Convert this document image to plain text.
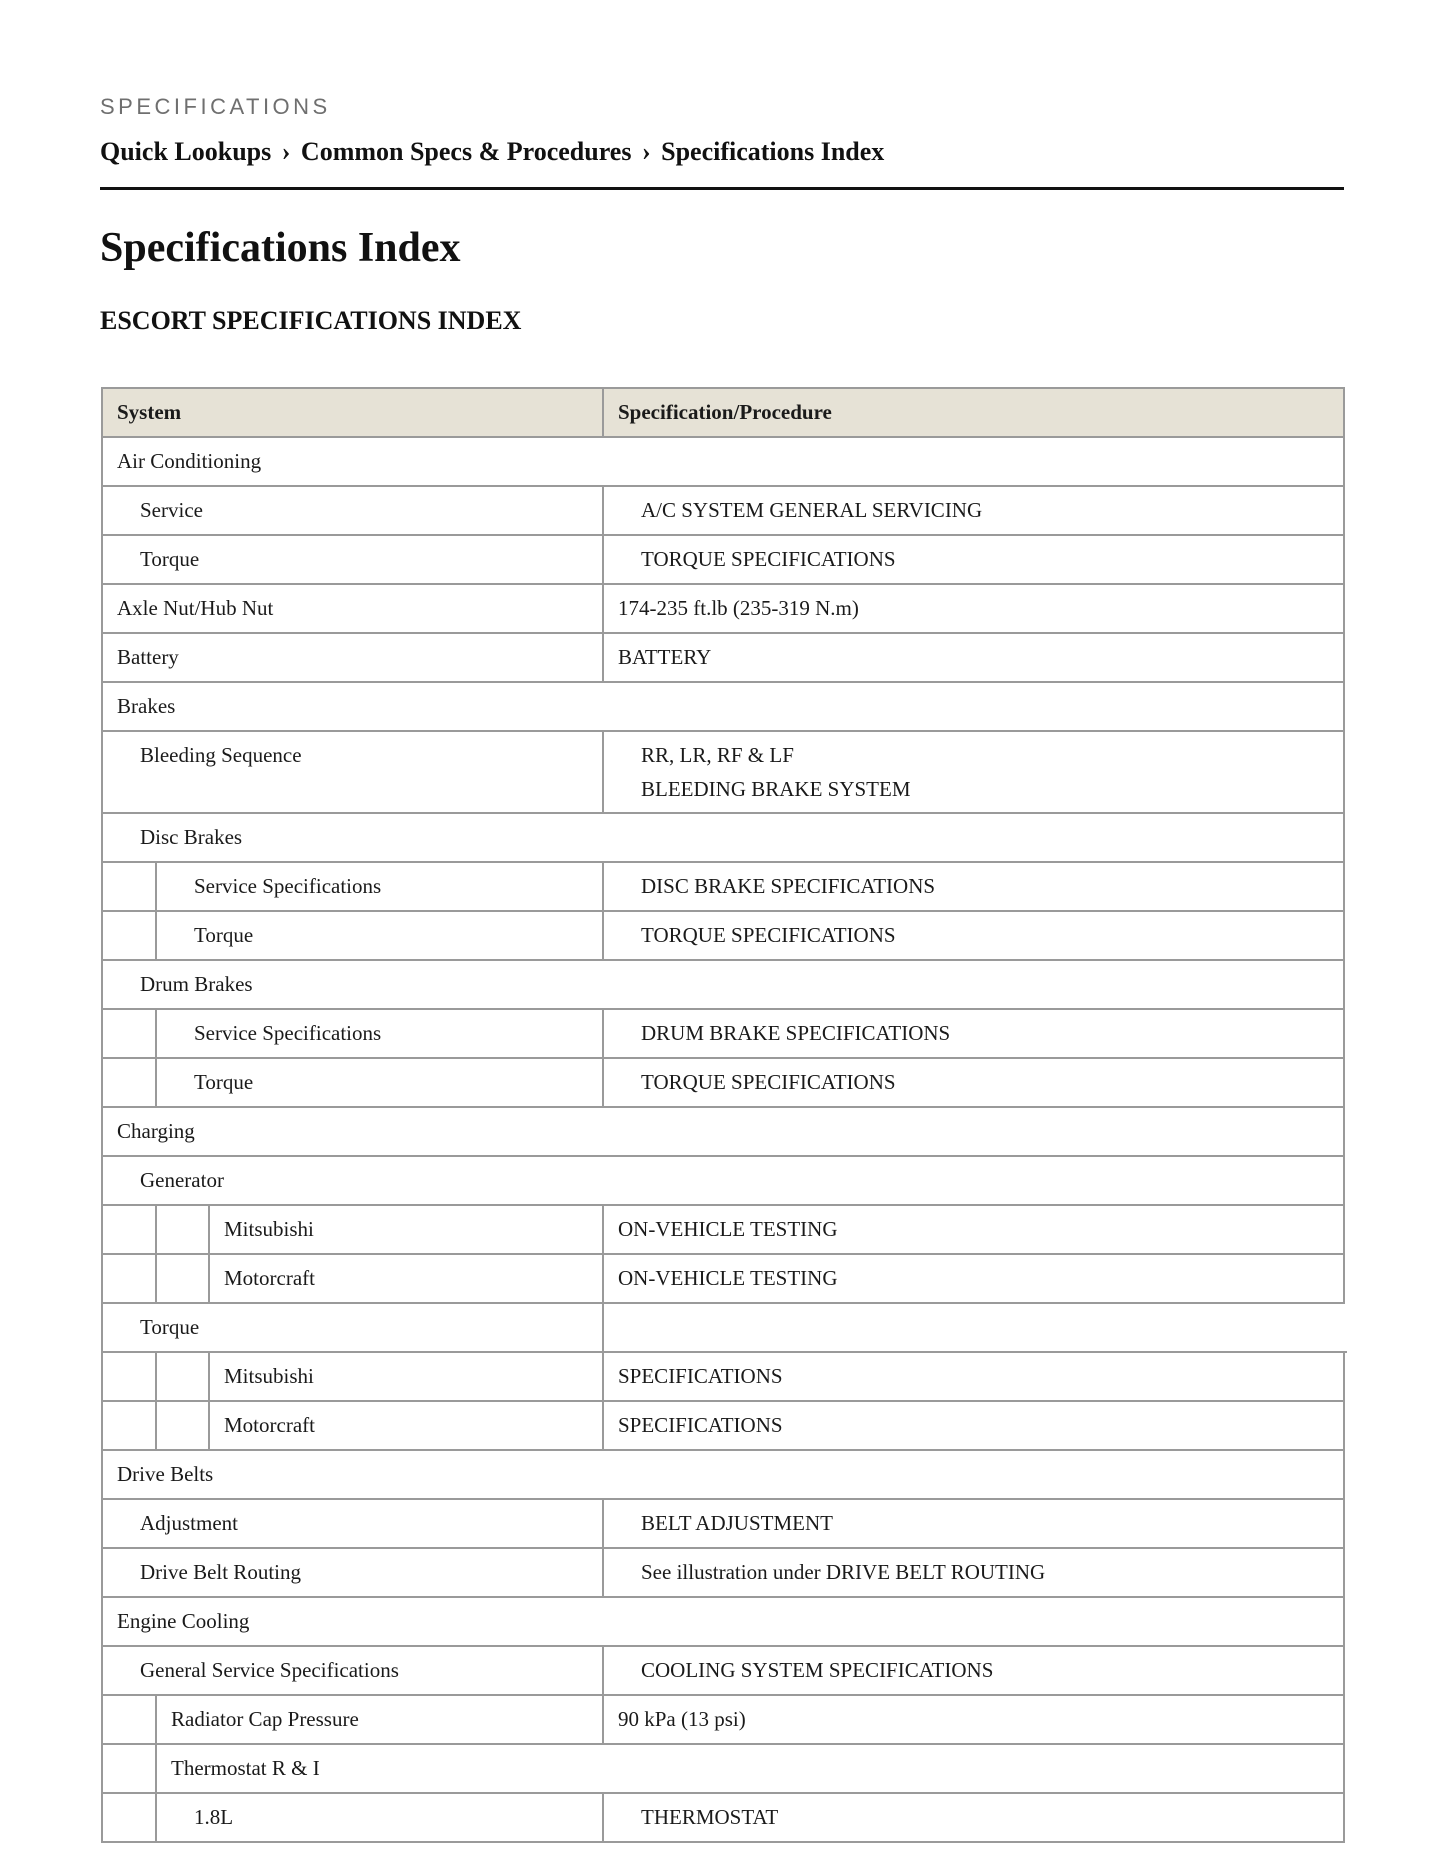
SPECIFICATIONS
Quick Lookups › Common Specs & Procedures › Specifications Index
Specifications Index
ESCORT SPECIFICATIONS INDEX
System	Specification/Procedure
Air Conditioning
Service	A/C SYSTEM GENERAL SERVICING
Torque	TORQUE SPECIFICATIONS
Axle Nut/Hub Nut	174-235 ft.lb (235-319 N.m)
Battery	BATTERY
Brakes
Bleeding Sequence	RR, LR, RF & LF
BLEEDING BRAKE SYSTEM
Disc Brakes
Service Specifications	DISC BRAKE SPECIFICATIONS
Torque	TORQUE SPECIFICATIONS
Drum Brakes
Service Specifications	DRUM BRAKE SPECIFICATIONS
Torque	TORQUE SPECIFICATIONS
Charging
Generator
Mitsubishi	ON-VEHICLE TESTING
Motorcraft	ON-VEHICLE TESTING
Torque
Mitsubishi	SPECIFICATIONS
Motorcraft	SPECIFICATIONS
Drive Belts
Adjustment	BELT ADJUSTMENT
Drive Belt Routing	See illustration under DRIVE BELT ROUTING
Engine Cooling
General Service Specifications	COOLING SYSTEM SPECIFICATIONS
Radiator Cap Pressure	90 kPa (13 psi)
Thermostat R & I
1.8L	THERMOSTAT
